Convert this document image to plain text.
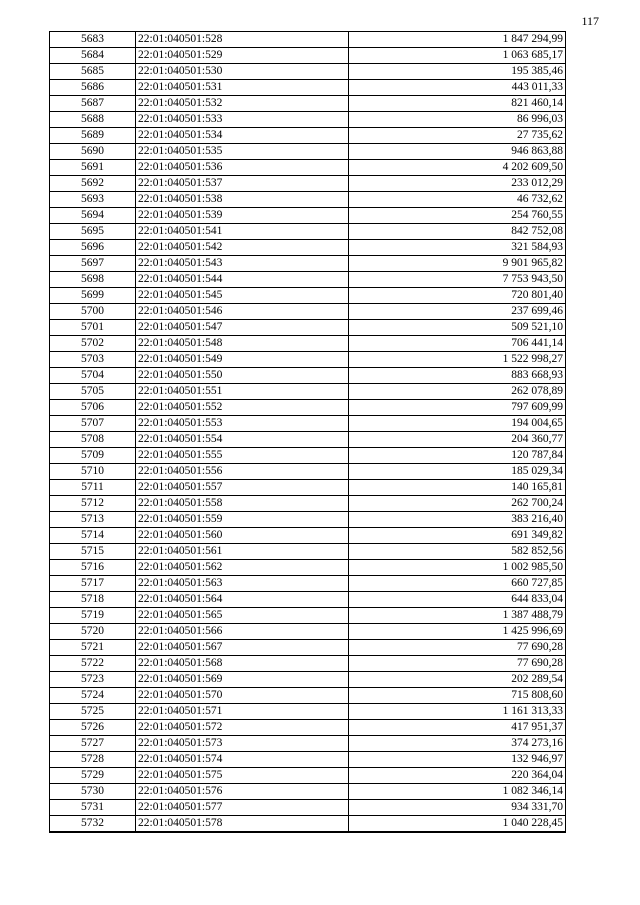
117
5683	22:01:040501:528	1 847 294,99
5684	22:01:040501:529	1 063 685,17
5685	22:01:040501:530	195 385,46
5686	22:01:040501:531	443 011,33
5687	22:01:040501:532	821 460,14
5688	22:01:040501:533	86 996,03
5689	22:01:040501:534	27 735,62
5690	22:01:040501:535	946 863,88
5691	22:01:040501:536	4 202 609,50
5692	22:01:040501:537	233 012,29
5693	22:01:040501:538	46 732,62
5694	22:01:040501:539	254 760,55
5695	22:01:040501:541	842 752,08
5696	22:01:040501:542	321 584,93
5697	22:01:040501:543	9 901 965,82
5698	22:01:040501:544	7 753 943,50
5699	22:01:040501:545	720 801,40
5700	22:01:040501:546	237 699,46
5701	22:01:040501:547	509 521,10
5702	22:01:040501:548	706 441,14
5703	22:01:040501:549	1 522 998,27
5704	22:01:040501:550	883 668,93
5705	22:01:040501:551	262 078,89
5706	22:01:040501:552	797 609,99
5707	22:01:040501:553	194 004,65
5708	22:01:040501:554	204 360,77
5709	22:01:040501:555	120 787,84
5710	22:01:040501:556	185 029,34
5711	22:01:040501:557	140 165,81
5712	22:01:040501:558	262 700,24
5713	22:01:040501:559	383 216,40
5714	22:01:040501:560	691 349,82
5715	22:01:040501:561	582 852,56
5716	22:01:040501:562	1 002 985,50
5717	22:01:040501:563	660 727,85
5718	22:01:040501:564	644 833,04
5719	22:01:040501:565	1 387 488,79
5720	22:01:040501:566	1 425 996,69
5721	22:01:040501:567	77 690,28
5722	22:01:040501:568	77 690,28
5723	22:01:040501:569	202 289,54
5724	22:01:040501:570	715 808,60
5725	22:01:040501:571	1 161 313,33
5726	22:01:040501:572	417 951,37
5727	22:01:040501:573	374 273,16
5728	22:01:040501:574	132 946,97
5729	22:01:040501:575	220 364,04
5730	22:01:040501:576	1 082 346,14
5731	22:01:040501:577	934 331,70
5732	22:01:040501:578	1 040 228,45
